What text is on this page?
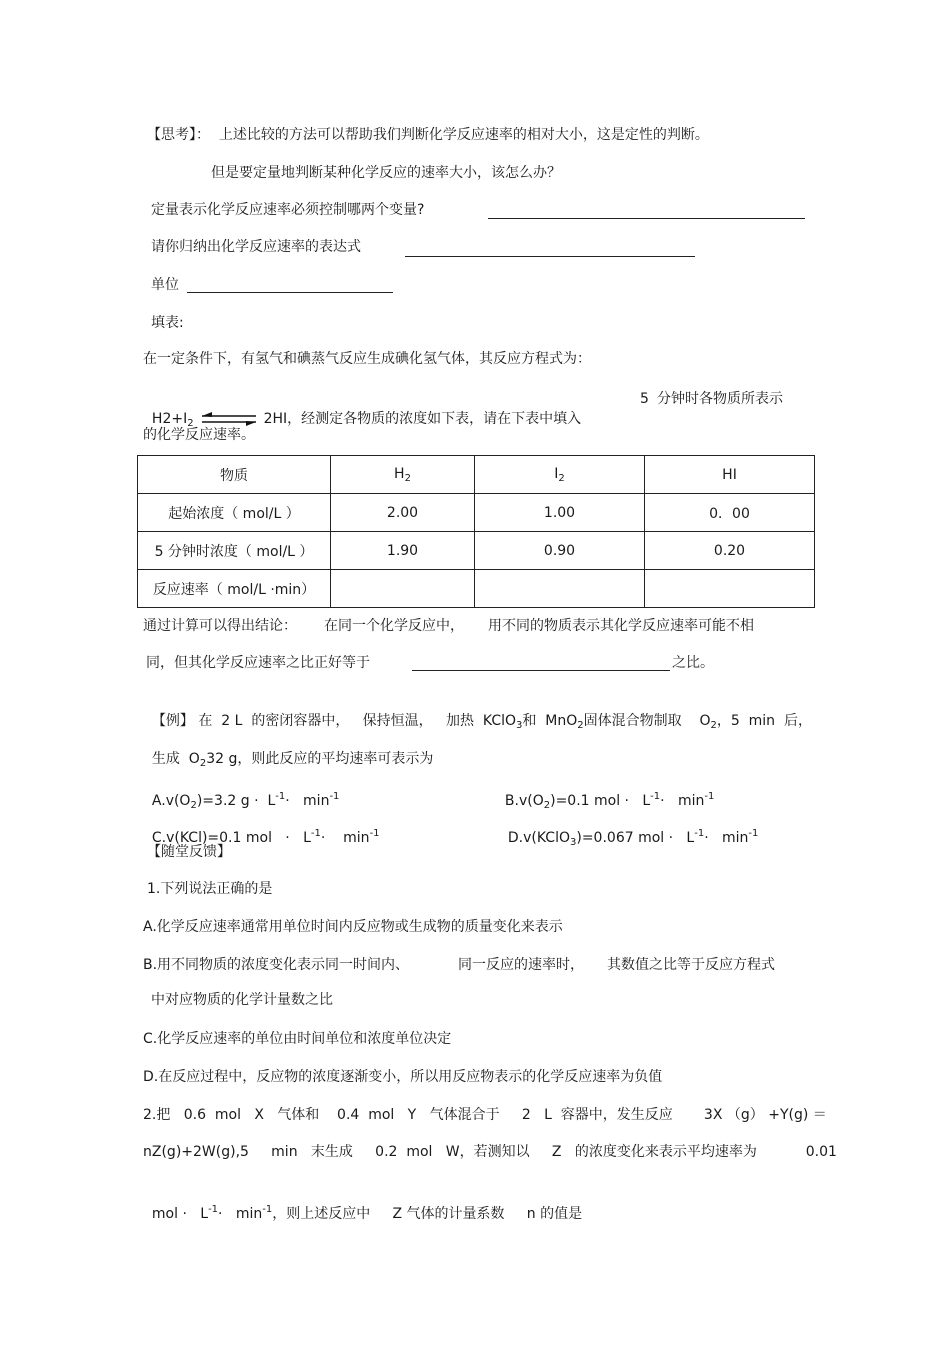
【思考】：  上述比较的方法可以帮助我们判断化学反应速率的相对大小，这是定性的判断。
但是要定量地判断某种化学反应的速率大小，该怎么办？
定量表示化学反应速率必须控制哪两个变量?
请你归纳出化学反应速率的表达式
单位
填表:
在一定条件下，有氢气和碘蒸气反应生成碘化氢气体，其反应方程式为：

$H2+I_2$	2HI，经测定各物质的浓度如下表，请在下表中填入

5 分钟时各物质所表示
的化学反应速率。
物质	$H_2$	$I_2$	HI
起始浓度（ mol/L ）	2.00	1.00	0．00
5 分钟时浓度（ mol/L ）	1.90	0.90	0.20
反应速率（ mol/L ·min）			
通过计算可以得出结论： 在同一个化学反应中， 用不同的物质表示其化学反应速率可能不相
同，但其化学反应速率之比正好等于	之比。

【例】 在  2 L  的密闭容器中，   保持恒温，   加热  KClO$_3$和  MnO$_2$固体混合物制取    $O_2$，5  min  后，

生成  $O_232$ g，则此反应的平均速率可表示为

$A.v(O_2)=3.2$ $g \cdot L^{-1}\cdot \min^{-1}$	$B.v(O_2)=0.1$ mol ·   $L^{-1}\cdot \min^{-1}$

C.v(KCl)=0.1 mol   ·   $L^{-1}\cdot$    $\min^{-1}$	D.v(KClO$_3$)=0.067 mol ·   $L^{-1}\cdot \min^{-1}$

【随堂反馈】
1.下列说法正确的是
A.化学反应速率通常用单位时间内反应物或生成物的质量变化来表示
B.用不同物质的浓度变化表示同一时间内、	同一反应的速率时， 其数值之比等于反应方程式
中对应物质的化学计量数之比
C.化学反应速率的单位由时间单位和浓度单位决定
D.在反应过程中，反应物的浓度逐渐变小，所以用反应物表示的化学反应速率为负值
2.把   0.6  mol   X   气体和    0.4  mol   Y   气体混合于     2   L  容器中，发生反应       3X （g） +Y(g) ＝
nZ(g)+2W(g),5     min   末生成     0.2  mol   W，若测知以     Z   的浓度变化来表示平均速率为           0.01

mol ·   $L^{-1}\cdot \min^{-1}$，则上述反应中     Z 气体的计量系数     n 的值是
